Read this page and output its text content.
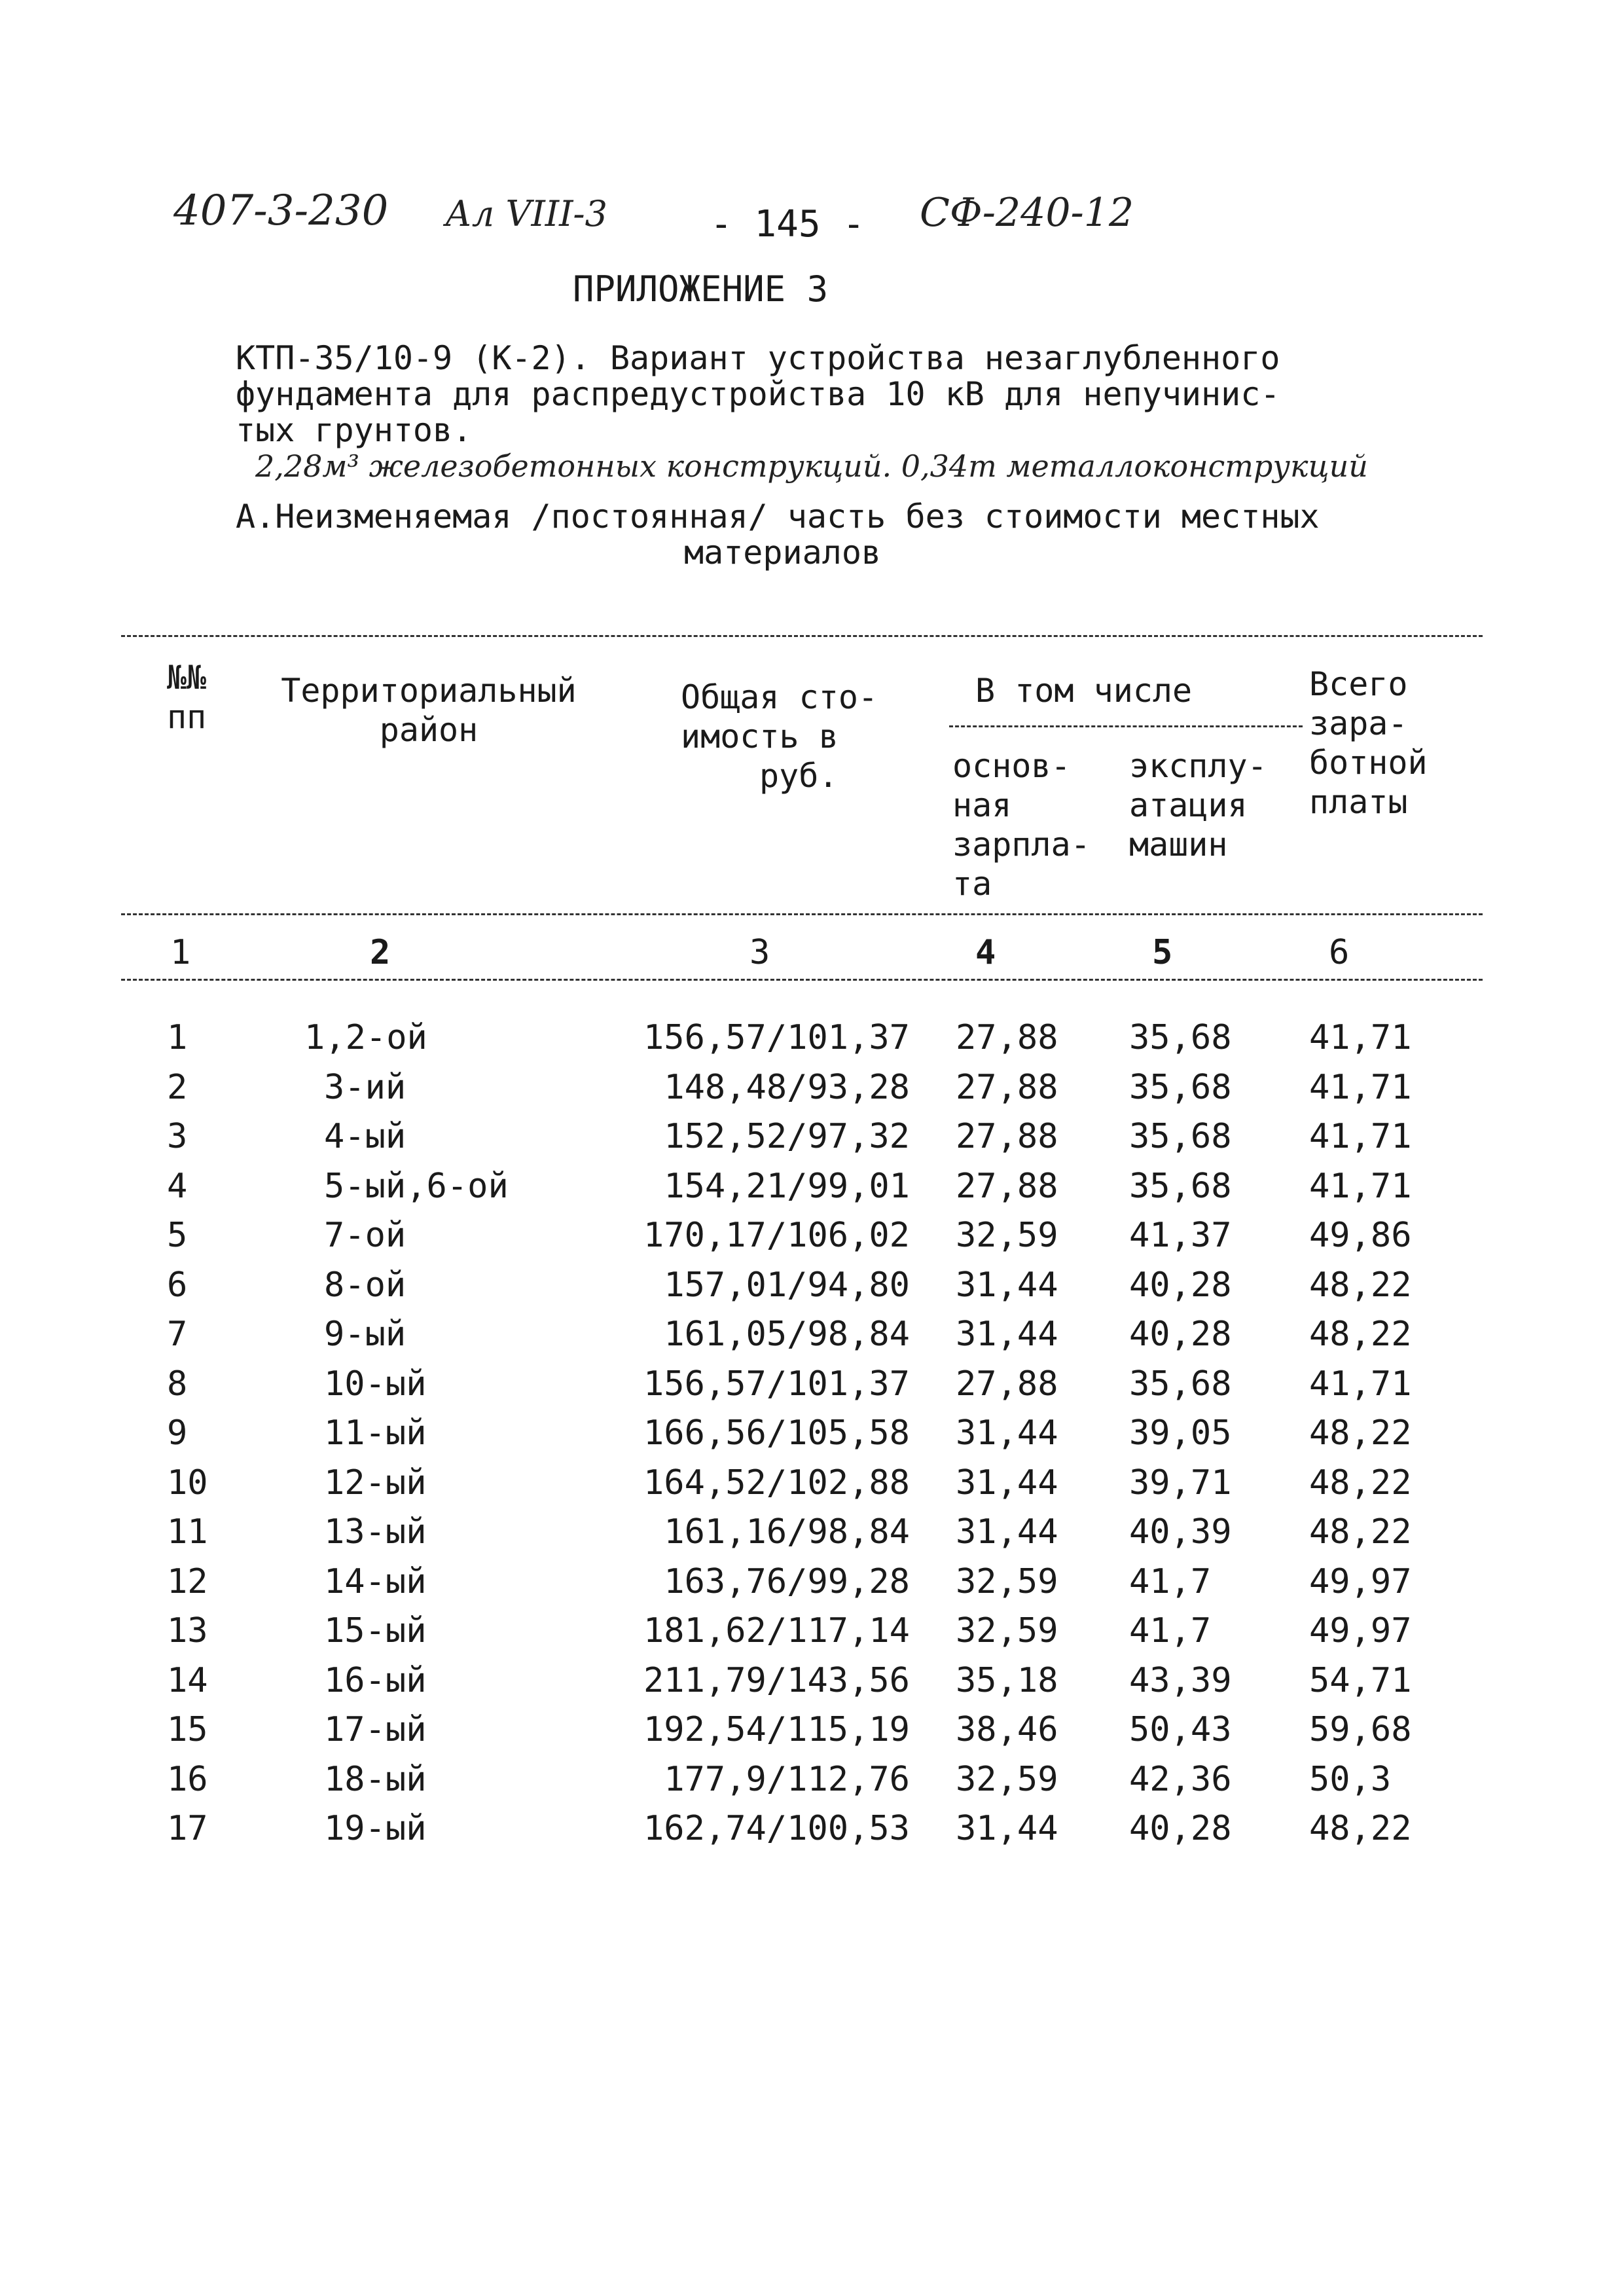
407-3-230 Ал VIII-3	- 145 - СФ-240-12
ПРИЛОЖЕНИЕ 3
КТП-35/10-9 (К-2). Вариант устройства незаглубленного
фундамента для распредустройства 10 кВ для непучинис-
тых грунтов.
2,28м³ железобетонных конструкций. 0,34т металлоконструкций
А.Неизменяемая /постоянная/ часть без стоимости местных
материалов
№№
пп
Территориальный
район
Общая сто-
имость в
руб.
В том числе
основ-
ная
зарпла-
та
эксплу-
атация
машин
Всего
зара-
ботной
платы
1	2	3	4	5	6
1	1,2-ой	156,57/101,37 27,88 35,68 41,71
2	3-ий	148,48/93,28 27,88 35,68 41,71
3	4-ый	152,52/97,32 27,88 35,68 41,71
4	5-ый,6-ой	154,21/99,01 27,88 35,68 41,71
5	7-ой	170,17/106,02 32,59 41,37 49,86
6	8-ой	157,01/94,80 31,44 40,28 48,22
7	9-ый	161,05/98,84 31,44 40,28 48,22
8	10-ый	156,57/101,37 27,88 35,68 41,71
9	11-ый	166,56/105,58 31,44 39,05 48,22
10	12-ый	164,52/102,88 31,44 39,71 48,22
11	13-ый	161,16/98,84 31,44 40,39 48,22
12	14-ый	163,76/99,28 32,59 41,7	49,97
13	15-ый	181,62/117,14 32,59 41,7	49,97
14	16-ый	211,79/143,56 35,18 43,39 54,71
15	17-ый	192,54/115,19 38,46 50,43 59,68
16	18-ый	177,9/112,76 32,59 42,36 50,3
17	19-ый	162,74/100,53 31,44 40,28 48,22
